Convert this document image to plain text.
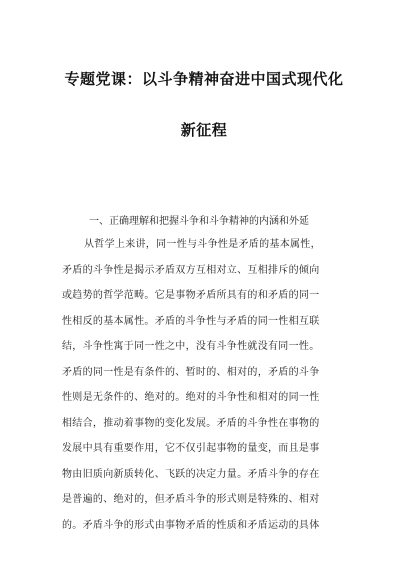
专题党课：以斗争精神奋进中国式现代化
新征程
一、正确理解和把握斗争和斗争精神的内涵和外延
从哲学上来讲，同一性与斗争性是矛盾的基本属性，
矛盾的斗争性是揭示矛盾双方互相对立、互相排斥的倾向
或趋势的哲学范畴。它是事物矛盾所具有的和矛盾的同一
性相反的基本属性。矛盾的斗争性与矛盾的同一性相互联
结，斗争性寓于同一性之中，没有斗争性就没有同一性。
矛盾的同一性是有条件的、暂时的、相对的，矛盾的斗争
性则是无条件的、绝对的。绝对的斗争性和相对的同一性
相结合，推动着事物的变化发展。矛盾的斗争性在事物的
发展中具有重要作用，它不仅引起事物的量变，而且是事
物由旧质向新质转化、飞跃的决定力量。矛盾斗争的存在
是普遍的、绝对的，但矛盾斗争的形式则是特殊的、相对
的。矛盾斗争的形式由事物矛盾的性质和矛盾运动的具体
